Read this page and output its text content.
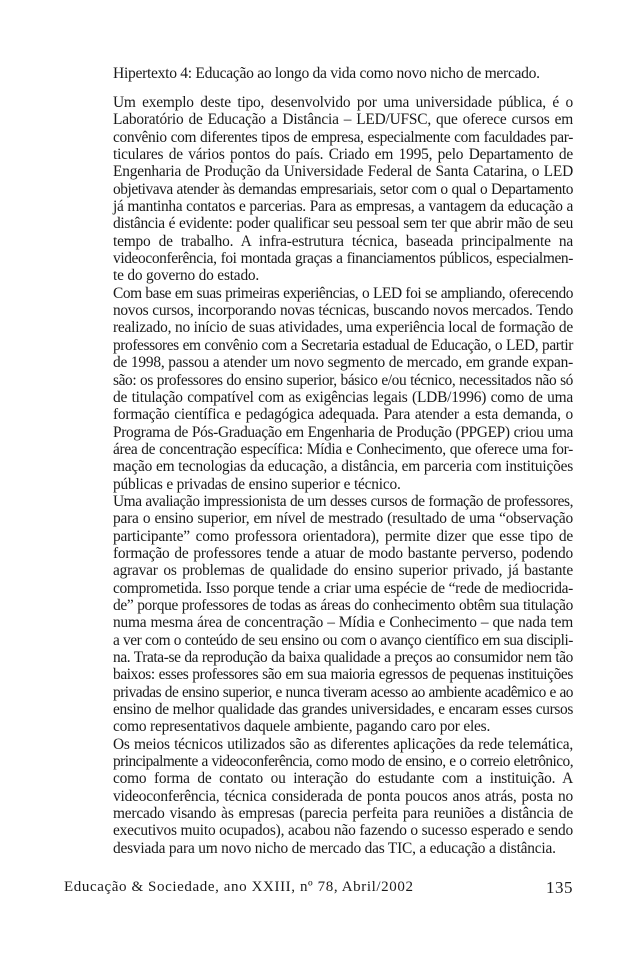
Hipertexto 4: Educação ao longo da vida como novo nicho de mercado.

Um exemplo deste tipo, desenvolvido por uma universidade pública, é o
Laboratório de Educação a Distância – LED/UFSC, que oferece cursos em
convênio com diferentes tipos de empresa, especialmente com faculdades par-
ticulares de vários pontos do país. Criado em 1995, pelo Departamento de
Engenharia de Produção da Universidade Federal de Santa Catarina, o LED
objetivava atender às demandas empresariais, setor com o qual o Departamento
já mantinha contatos e parcerias. Para as empresas, a vantagem da educação a
distância é evidente: poder qualificar seu pessoal sem ter que abrir mão de seu
tempo de trabalho. A infra-estrutura técnica, baseada principalmente na
videoconferência, foi montada graças a financiamentos públicos, especialmen-
te do governo do estado.

Com base em suas primeiras experiências, o LED foi se ampliando, oferecendo
novos cursos, incorporando novas técnicas, buscando novos mercados. Tendo
realizado, no início de suas atividades, uma experiência local de formação de
professores em convênio com a Secretaria estadual de Educação, o LED, partir
de 1998, passou a atender um novo segmento de mercado, em grande expan-
são: os professores do ensino superior, básico e/ou técnico, necessitados não só
de titulação compatível com as exigências legais (LDB/1996) como de uma
formação científica e pedagógica adequada. Para atender a esta demanda, o
Programa de Pós-Graduação em Engenharia de Produção (PPGEP) criou uma
área de concentração específica: Mídia e Conhecimento, que oferece uma for-
mação em tecnologias da educação, a distância, em parceria com instituições
públicas e privadas de ensino superior e técnico.

Uma avaliação impressionista de um desses cursos de formação de professores,
para o ensino superior, em nível de mestrado (resultado de uma “observação
participante” como professora orientadora), permite dizer que esse tipo de
formação de professores tende a atuar de modo bastante perverso, podendo
agravar os problemas de qualidade do ensino superior privado, já bastante
comprometida. Isso porque tende a criar uma espécie de “rede de mediocrida-
de” porque professores de todas as áreas do conhecimento obtêm sua titulação
numa mesma área de concentração – Mídia e Conhecimento – que nada tem
a ver com o conteúdo de seu ensino ou com o avanço científico em sua discipli-
na. Trata-se da reprodução da baixa qualidade a preços ao consumidor nem tão
baixos: esses professores são em sua maioria egressos de pequenas instituições
privadas de ensino superior, e nunca tiveram acesso ao ambiente acadêmico e ao
ensino de melhor qualidade das grandes universidades, e encaram esses cursos
como representativos daquele ambiente, pagando caro por eles.

Os meios técnicos utilizados são as diferentes aplicações da rede telemática,
principalmente a videoconferência, como modo de ensino, e o correio eletrônico,
como forma de contato ou interação do estudante com a instituição. A
videoconferência, técnica considerada de ponta poucos anos atrás, posta no
mercado visando às empresas (parecia perfeita para reuniões a distância de
executivos muito ocupados), acabou não fazendo o sucesso esperado e sendo
desviada para um novo nicho de mercado das TIC, a educação a distância.

Educação & Sociedade, ano XXIII, nº 78, Abril/2002	135
